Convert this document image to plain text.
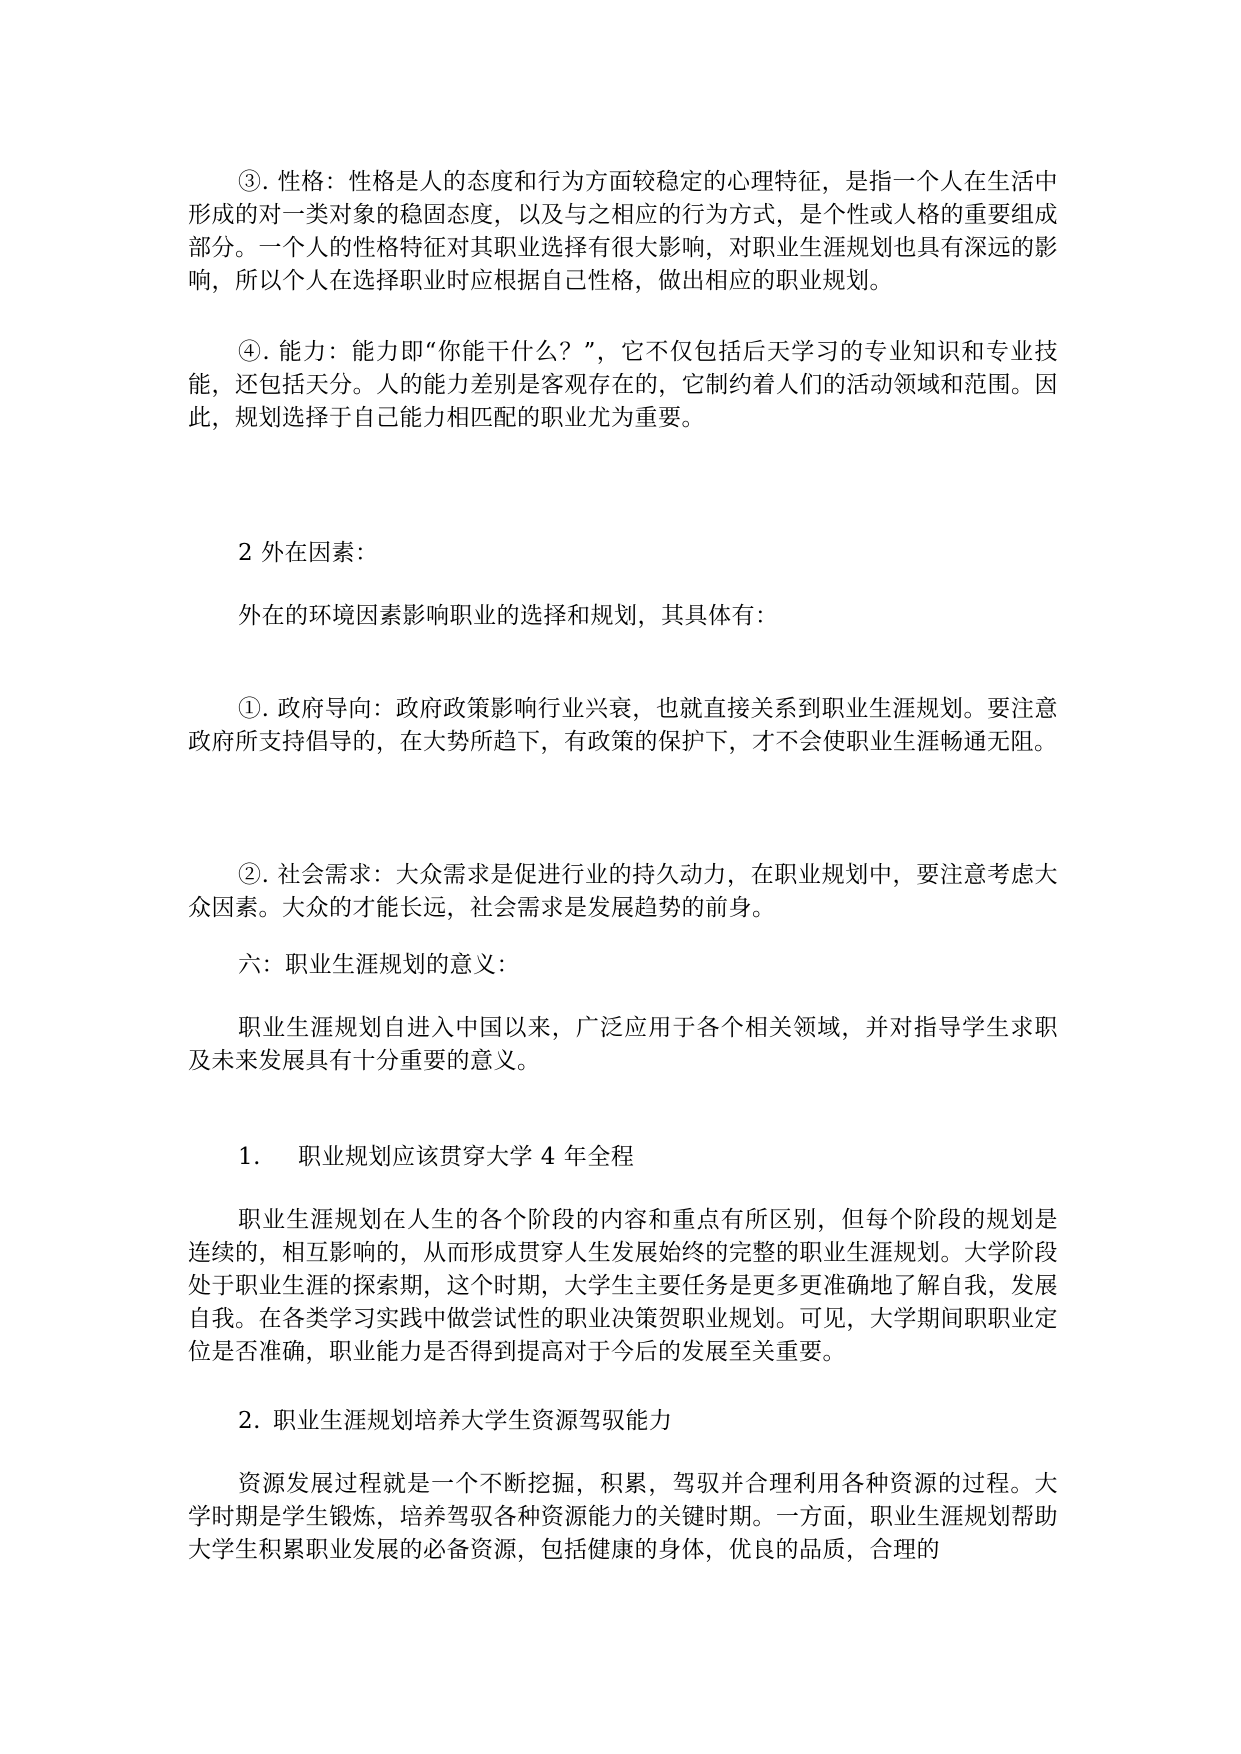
③. 性格：性格是人的态度和行为方面较稳定的心理特征，是指一个人在生活中形成的对一类对象的稳固态度，以及与之相应的行为方式，是个性或人格的重要组成部分。一个人的性格特征对其职业选择有很大影响，对职业生涯规划也具有深远的影响，所以个人在选择职业时应根据自己性格，做出相应的职业规划。

④. 能力：能力即“你能干什么？”，它不仅包括后天学习的专业知识和专业技能，还包括天分。人的能力差别是客观存在的，它制约着人们的活动领域和范围。因此，规划选择于自己能力相匹配的职业尤为重要。

2 外在因素：

外在的环境因素影响职业的选择和规划，其具体有：

①. 政府导向：政府政策影响行业兴衰，也就直接关系到职业生涯规划。要注意政府所支持倡导的，在大势所趋下，有政策的保护下，才不会使职业生涯畅通无阻。

②. 社会需求：大众需求是促进行业的持久动力，在职业规划中，要注意考虑大众因素。大众的才能长远，社会需求是发展趋势的前身。

六：职业生涯规划的意义：

职业生涯规划自进入中国以来，广泛应用于各个相关领域，并对指导学生求职及未来发展具有十分重要的意义。

1. 职业规划应该贯穿大学 4 年全程

职业生涯规划在人生的各个阶段的内容和重点有所区别，但每个阶段的规划是连续的，相互影响的，从而形成贯穿人生发展始终的完整的职业生涯规划。大学阶段处于职业生涯的探索期，这个时期，大学生主要任务是更多更准确地了解自我，发展自我。在各类学习实践中做尝试性的职业决策贺职业规划。可见，大学期间职职业定位是否准确，职业能力是否得到提高对于今后的发展至关重要。

2. 职业生涯规划培养大学生资源驾驭能力

资源发展过程就是一个不断挖掘，积累，驾驭并合理利用各种资源的过程。大学时期是学生锻炼，培养驾驭各种资源能力的关键时期。一方面，职业生涯规划帮助大学生积累职业发展的必备资源，包括健康的身体，优良的品质，合理的
